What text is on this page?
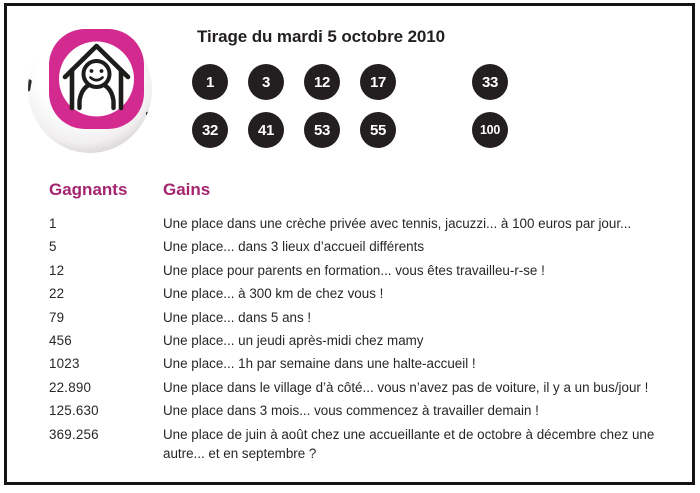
Tirage du mardi 5 octobre 2010
1	3	12	17	33
32	41	53	55	100
Gagnants	Gains
1	Une place dans une crèche privée avec tennis, jacuzzi... à 100 euros par jour...
5	Une place... dans 3 lieux d’accueil différents
12	Une place pour parents en formation... vous êtes travailleu-r-se !
22	Une place... à 300 km de chez vous !
79	Une place... dans 5 ans !
456	Une place... un jeudi après-midi chez mamy
1023	Une place... 1h par semaine dans une halte-accueil !
22.890	Une place dans le village d’à côté... vous n’avez pas de voiture, il y a un bus/jour !
125.630	Une place dans 3 mois... vous commencez à travailler demain !
369.256	Une place de juin à août chez une accueillante et de octobre à décembre chez une autre... et en septembre ?
